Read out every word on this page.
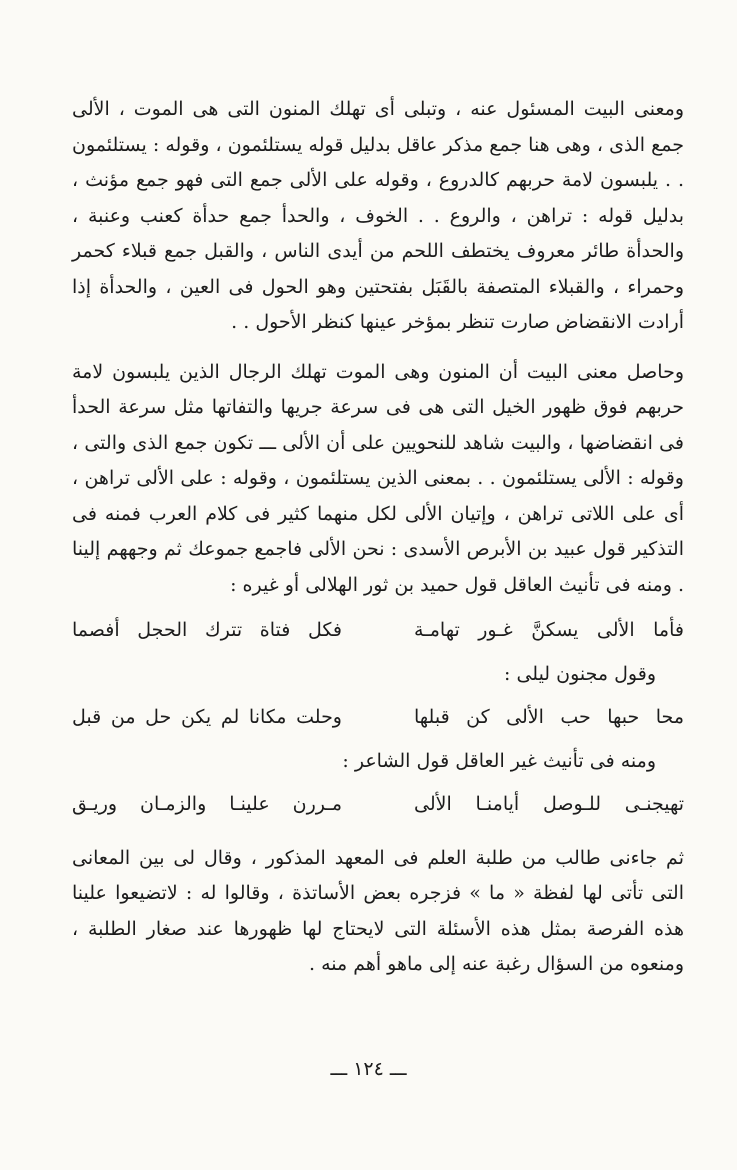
ومعنى البيت المسئول عنه ، وتبلى أى تهلك المنون التى هى الموت ، الألى جمع الذى ، وهى هنا جمع مذكر عاقل بدليل قوله يستلئمون ، وقوله : يستلئمون . . يلبسون لامة حربهم كالدروع ، وقوله على الألى جمع التى فهو جمع مؤنث ، بدليل قوله : تراهن ، والروع . . الخوف ، والحدأ جمع حدأة كعنب وعنبة ، والحدأة طائر معروف يختطف اللحم من أيدى الناس ، والقبل جمع قبلاء كحمر وحمراء ، والقبلاء المتصفة بالقَبَل بفتحتين وهو الحول فى العين ، والحدأة إذا أرادت الانقضاض صارت تنظر بمؤخر عينها كنظر الأحول . .

وحاصل معنى البيت أن المنون وهى الموت تهلك الرجال الذين يلبسون لامة حربهم فوق ظهور الخيل التى هى فى سرعة جريها والتفاتها مثل سرعة الحدأ فى انقضاضها ، والبيت شاهد للنحويين على أن الألى ـــ تكون جمع الذى والتى ، وقوله : الألى يستلئمون . . بمعنى الذين يستلئمون ، وقوله : على الألى تراهن ، أى على اللاتى تراهن ، وإتيان الألى لكل منهما كثير فى كلام العرب فمنه فى التذكير قول عبيد بن الأبرص الأسدى : نحن الألى فاجمع جموعك ثم وجههم إلينا . ومنه فى تأنيث العاقل قول حميد بن ثور الهلالى أو غيره :

فأما الألى يسكنَّ غـور تهامـة
فكل فتاة تترك الحجل أفصما
وقول مجنون ليلى :
محا حبها حب الألى كن قبلها
وحلت مكانا لم يكن حل من قبل
ومنه فى تأنيث غير العاقل قول الشاعر :
تهيجنـى للـوصل أيامنـا الألى
مـررن علينـا والزمـان وريـق

ثم جاءنى طالب من طلبة العلم فى المعهد المذكور ، وقال لى بين المعانى التى تأتى لها لفظة « ما » فزجره بعض الأساتذة ، وقالوا له : لاتضيعوا علينا هذه الفرصة بمثل هذه الأسئلة التى لايحتاج لها ظهورها عند صغار الطلبة ، ومنعوه من السؤال رغبة عنه إلى ماهو أهم منه .

ـــ ١٢٤ ـــ
